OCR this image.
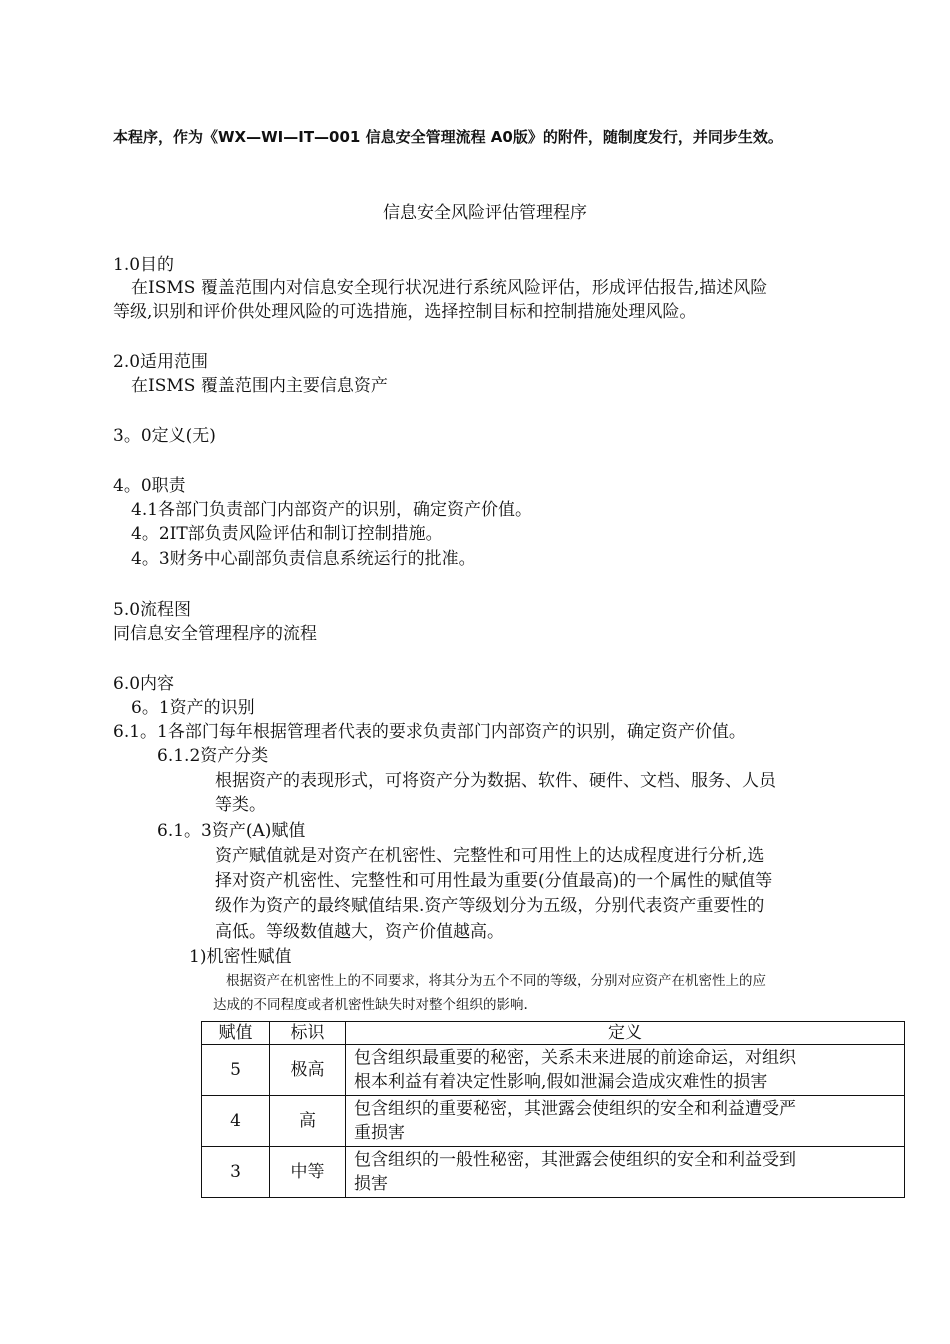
本程序，作为《WX—WI—IT—001 信息安全管理流程 A0版》的附件，随制度发行，并同步生效。
信息安全风险评估管理程序
1.0目的
在ISMS 覆盖范围内对信息安全现行状况进行系统风险评估，形成评估报告,描述风险
等级,识别和评价供处理风险的可选措施，选择控制目标和控制措施处理风险。
2.0适用范围
在ISMS 覆盖范围内主要信息资产
3。0定义(无)
4。0职责
4.1各部门负责部门内部资产的识别，确定资产价值。
4。2IT部负责风险评估和制订控制措施。
4。3财务中心副部负责信息系统运行的批准。
5.0流程图
同信息安全管理程序的流程
6.0内容
6。1资产的识别
6.1。1各部门每年根据管理者代表的要求负责部门内部资产的识别，确定资产价值。
6.1.2资产分类
根据资产的表现形式，可将资产分为数据、软件、硬件、文档、服务、人员
等类。
6.1。3资产(A)赋值
资产赋值就是对资产在机密性、完整性和可用性上的达成程度进行分析,选
择对资产机密性、完整性和可用性最为重要(分值最高)的一个属性的赋值等
级作为资产的最终赋值结果.资产等级划分为五级，分别代表资产重要性的
高低。等级数值越大，资产价值越高。
1)机密性赋值
根据资产在机密性上的不同要求，将其分为五个不同的等级，分别对应资产在机密性上的应
达成的不同程度或者机密性缺失时对整个组织的影响.
赋值	标识	定义
5	极高	包含组织最重要的秘密，关系未来进展的前途命运，对组织
根本利益有着决定性影响,假如泄漏会造成灾难性的损害
4	高	包含组织的重要秘密，其泄露会使组织的安全和利益遭受严
重损害
3	中等	包含组织的一般性秘密，其泄露会使组织的安全和利益受到
损害
